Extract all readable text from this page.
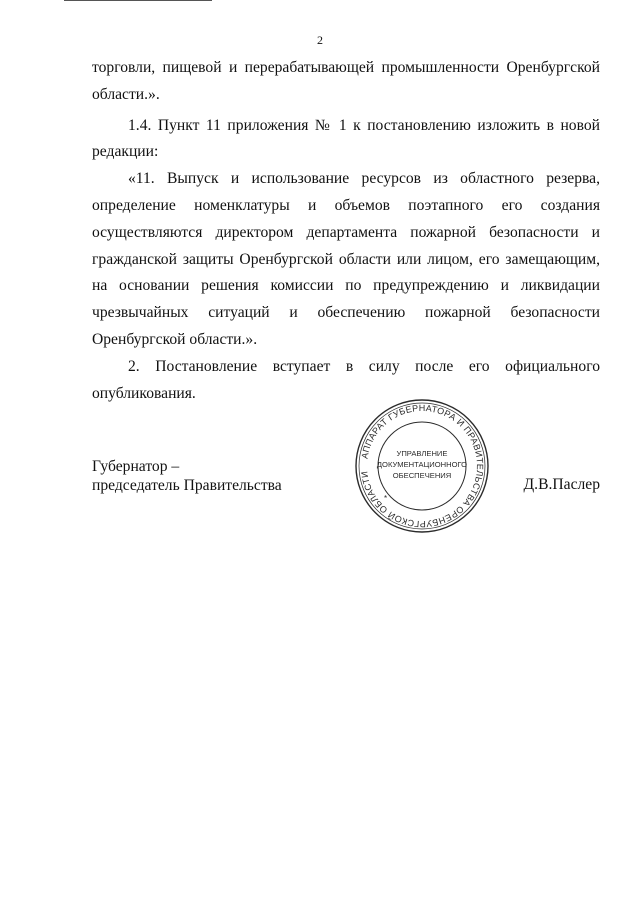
2

торговли, пищевой и перерабатывающей промышленности Оренбургской области.».

1.4. Пункт 11 приложения № 1 к постановлению изложить в новой редакции:

«11. Выпуск и использование ресурсов из областного резерва, определение номенклатуры и объемов поэтапного его создания осуществляются директором департамента пожарной безопасности и гражданской защиты Оренбургской области или лицом, его замещающим, на основании решения комиссии по предупреждению и ликвидации чрезвычайных ситуаций и обеспечению пожарной безопасности Оренбургской области.».

2. Постановление вступает в силу после его официального опубликования.

Губернатор –
председатель Правительства	Д.В.Паслер
АППАРАТ ГУБЕРНАТОРА И ПРАВИТЕЛЬСТВА ОРЕНБУРГСКОЙ ОБЛАСТИ
*
УПРАВЛЕНИЕ
ДОКУМЕНТАЦИОННОГО
ОБЕСПЕЧЕНИЯ
